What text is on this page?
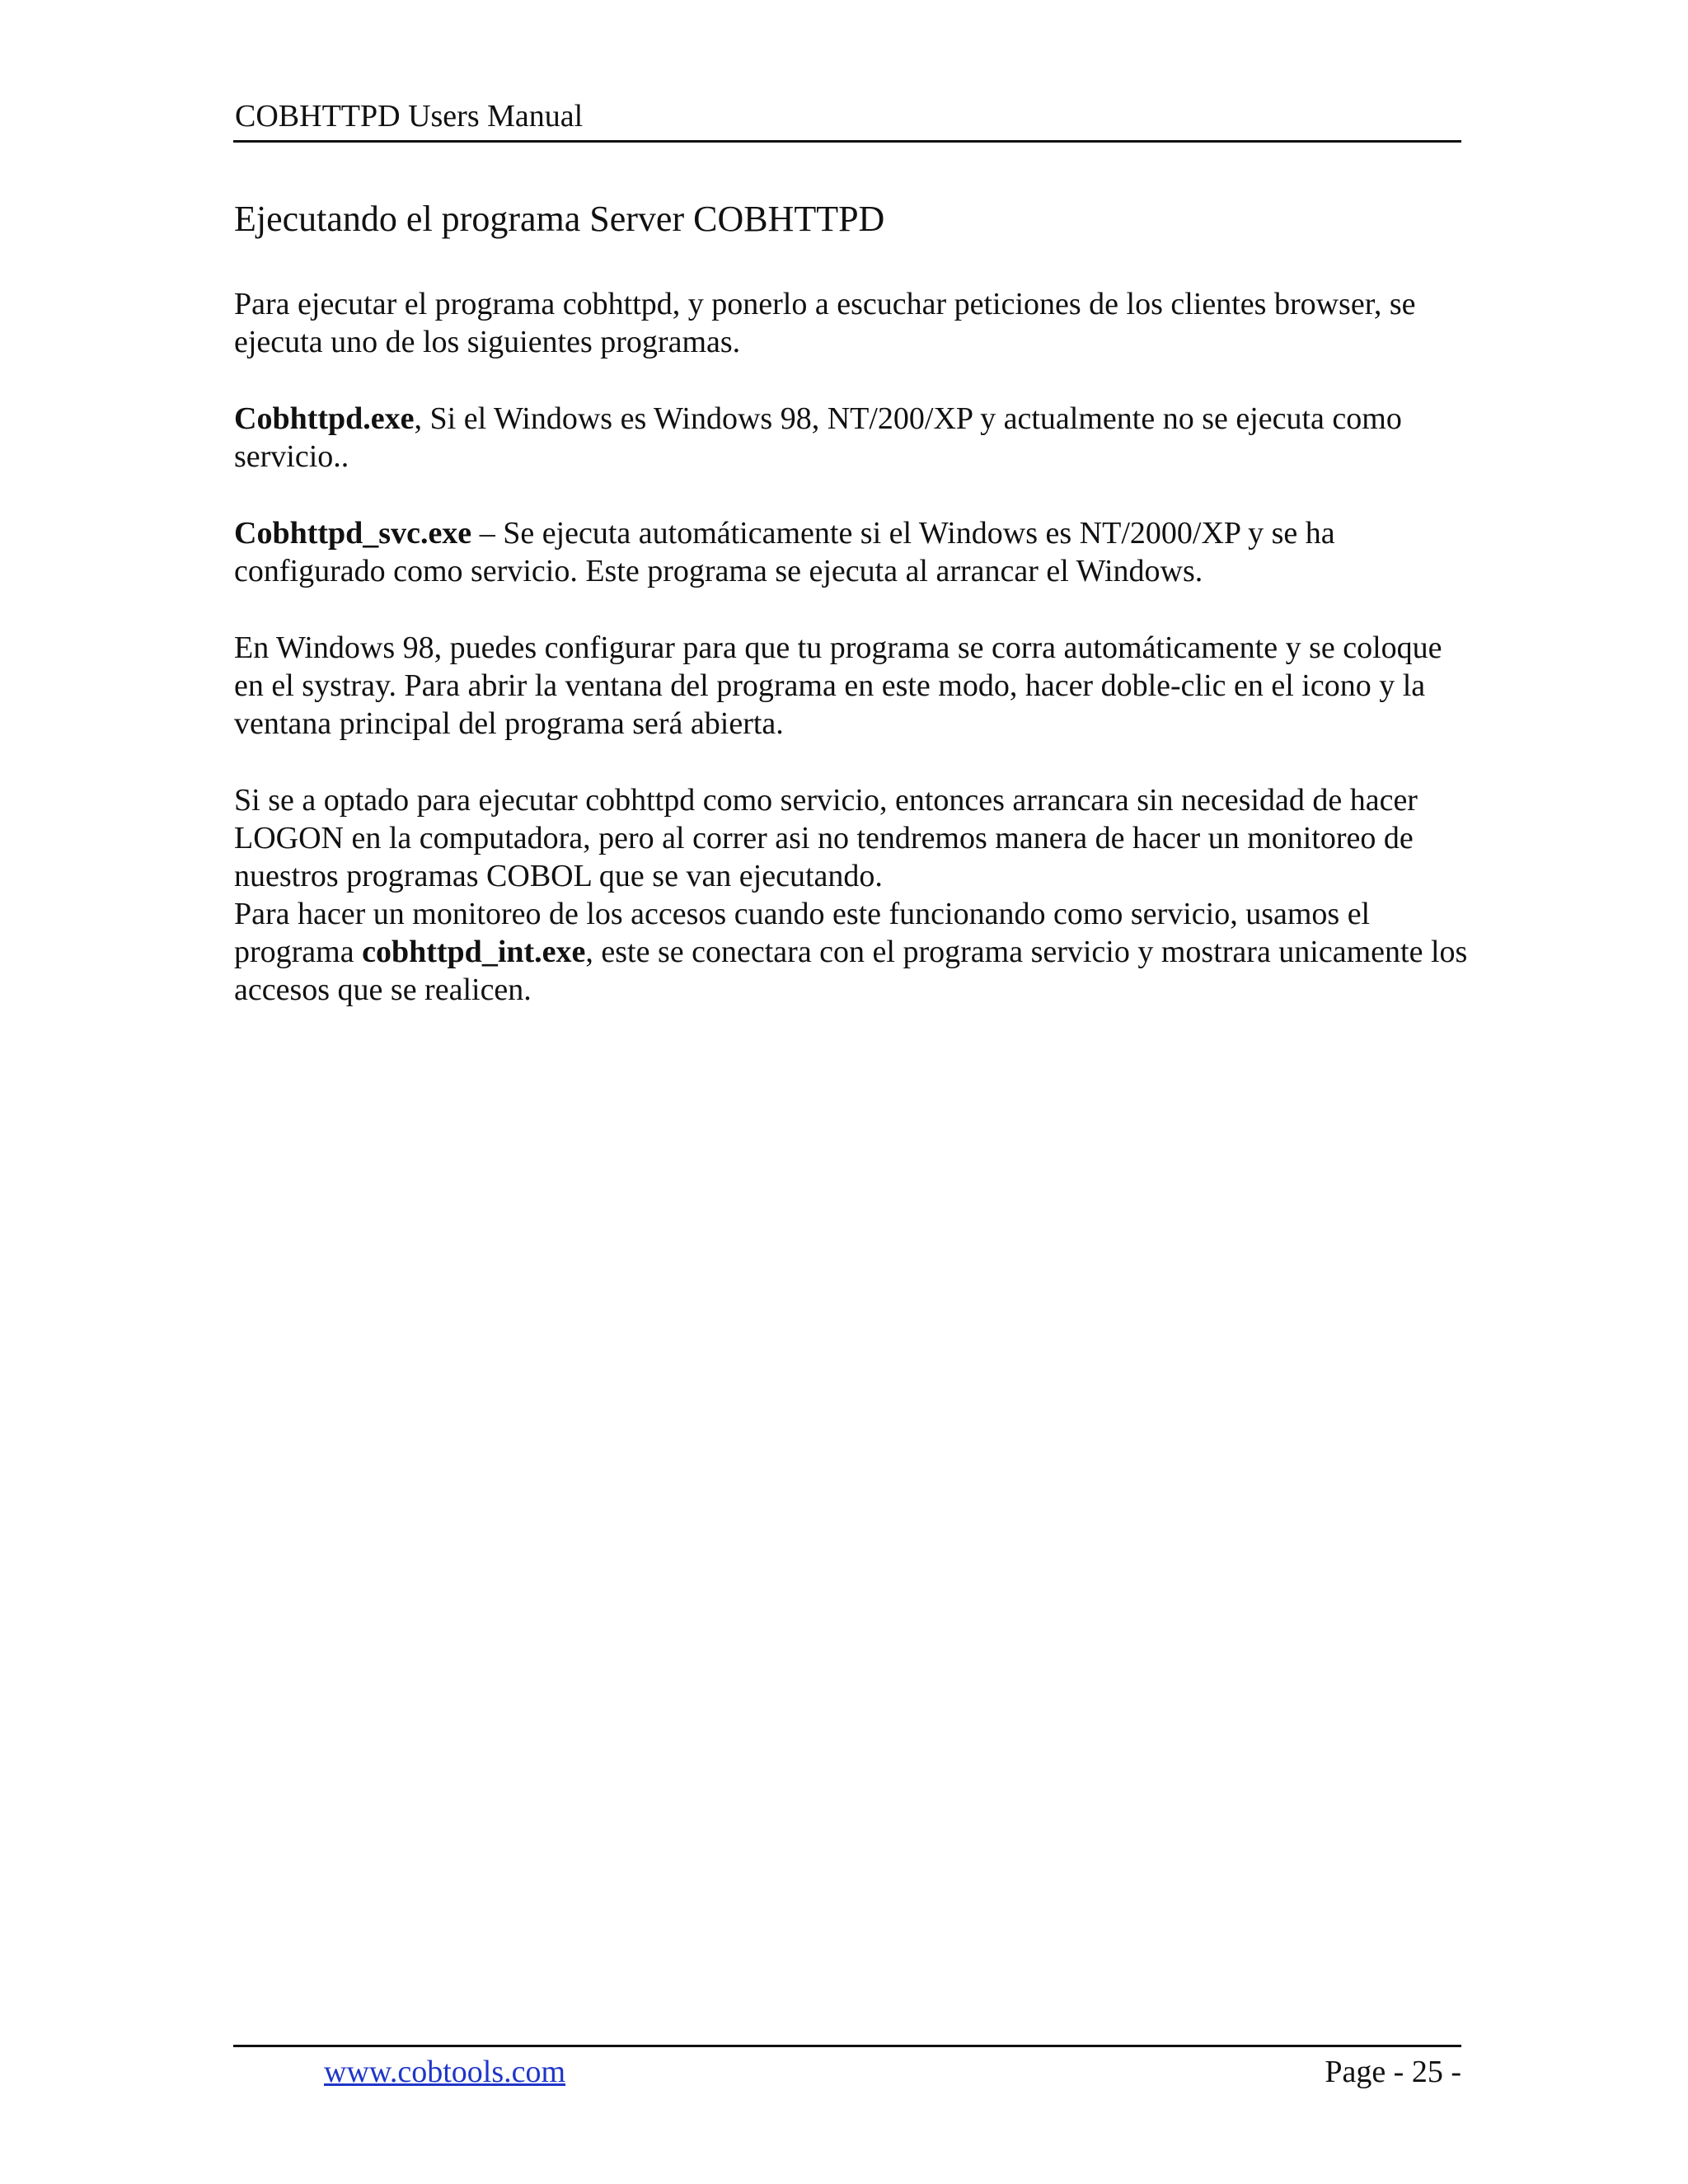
COBHTTPD Users Manual
Ejecutando el programa Server COBHTTPD

Para ejecutar el programa cobhttpd, y ponerlo a escuchar peticiones de los clientes browser, se ejecuta uno de los siguientes programas.

Cobhttpd.exe, Si el Windows es Windows 98, NT/200/XP y actualmente no se ejecuta como servicio..

Cobhttpd_svc.exe – Se ejecuta automáticamente si el Windows es NT/2000/XP y se ha configurado como servicio. Este programa se ejecuta al arrancar el Windows.

En Windows 98, puedes configurar para que tu programa se corra automáticamente y se coloque en el systray. Para abrir la ventana del programa en este modo, hacer doble-clic en el icono y la ventana principal del programa será abierta.

Si se a optado para ejecutar cobhttpd como servicio, entonces arrancara sin necesidad de hacer LOGON en la computadora, pero al correr asi no tendremos manera de hacer un monitoreo de nuestros programas COBOL que se van ejecutando.

Para hacer un monitoreo de los accesos cuando este funcionando como servicio, usamos el programa cobhttpd_int.exe, este se conectara con el programa servicio y mostrara unicamente los accesos que se realicen.

www.cobtools.com	Page - 25 -
